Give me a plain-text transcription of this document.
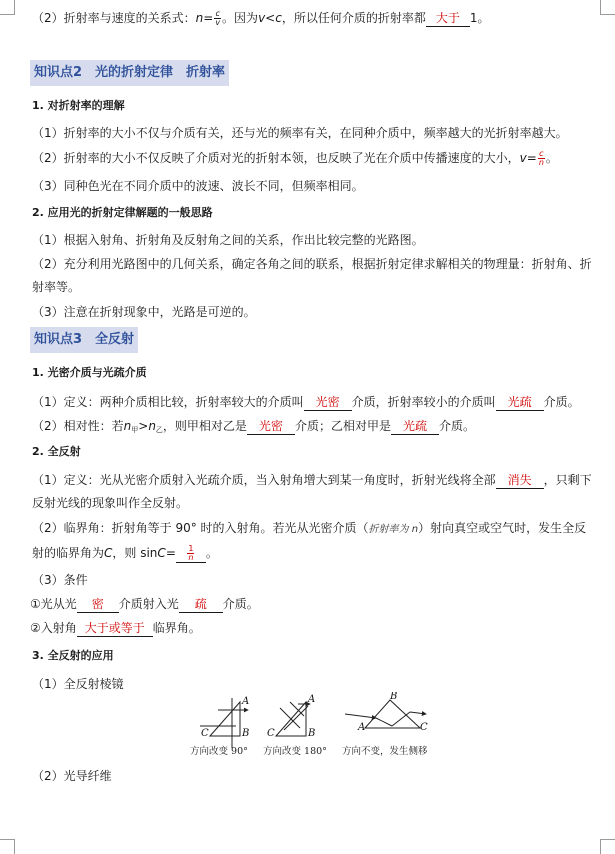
（2）折射率与速度的关系式：$n= \frac{c}{v}$ 。因为v<c，所以任何介质的折射率都 大于 1。
知识点2　光的折射定律　折射率
1. 对折射率的理解
（1）折射率的大小不仅与介质有关，还与光的频率有关，在同种介质中，频率越大的光折射率越大。
（2）折射率的大小不仅反映了介质对光的折射本领，也反映了光在介质中传播速度的大小，$v= \frac{c}{n}$ 。
（3）同种色光在不同介质中的波速、波长不同，但频率相同。
2. 应用光的折射定律解题的一般思路
（1）根据入射角、折射角及反射角之间的关系，作出比较完整的光路图。
（2）充分利用光路图中的几何关系，确定各角之间的联系，根据折射定律求解相关的物理量：折射角、折
射率等。
（3）注意在折射现象中，光路是可逆的。
知识点3　全反射
1. 光密介质与光疏介质
（1）定义：两种介质相比较，折射率较大的介质叫 光密 介质，折射率较小的介质叫 光疏 介质。
（2）相对性：若n甲>n乙，则甲相对乙是 光密 介质；乙相对甲是 光疏 介质。
2. 全反射
（1）定义：光从光密介质射入光疏介质，当入射角增大到某一角度时，折射光线将全部 消失 ，只剩下
反射光线的现象叫作全反射。
（2）临界角：折射角等于 90° 时的入射角。若光从光密介质（折射率为 n）射向真空或空气时，发生全反
射的临界角为C，则 $\sin C= \frac{1}{n}$ 。
（3）条件
①光从光 密 介质射入光 疏 介质。
②入射角 大于或等于 临界角。
3. 全反射的应用
（1）全反射棱镜
A
B
C
A
B
C
B
A	C
方向改变 90° 方向改变 180° 方向不变，发生侧移
（2）光导纤维
